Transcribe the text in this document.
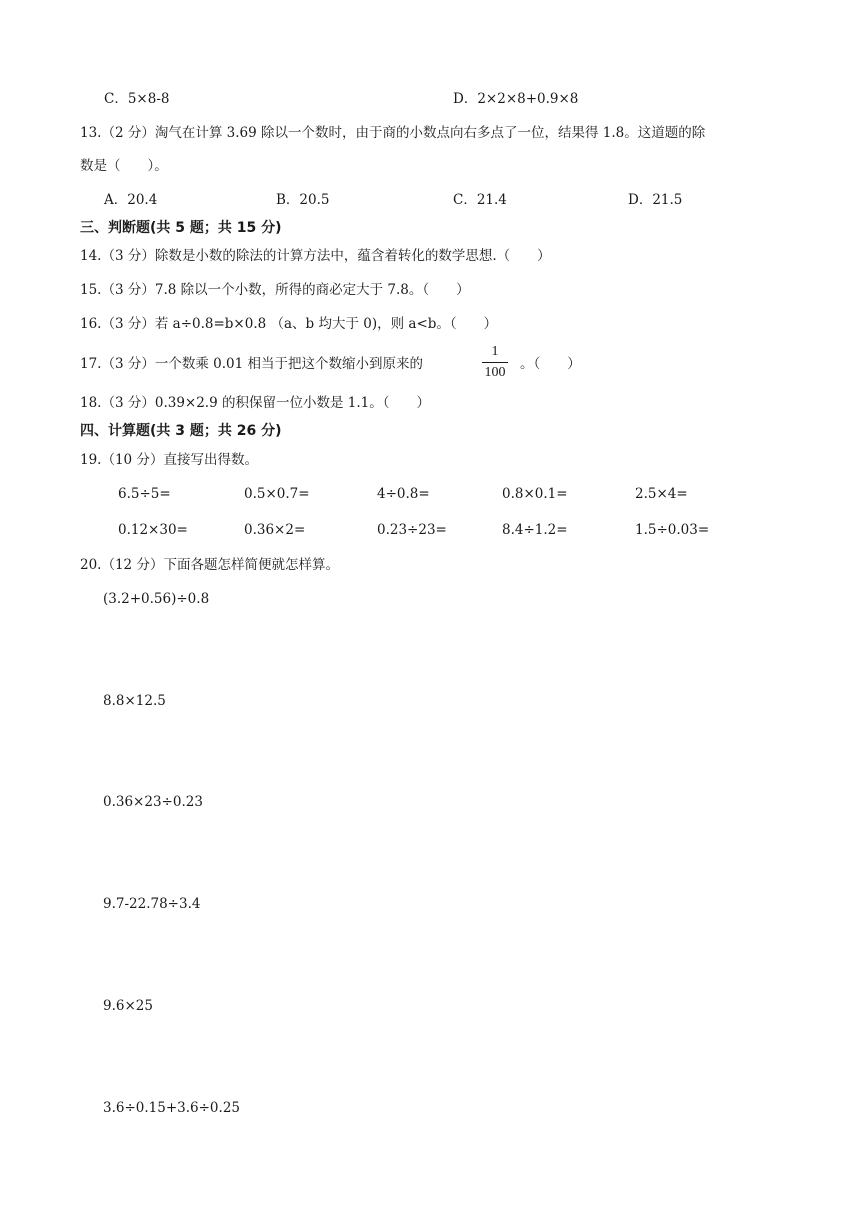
C．5×8-8	D．2×2×8+0.9×8
13.（2 分）淘气在计算 3.69 除以一个数时，由于商的小数点向右多点了一位，结果得 1.8。这道题的除
数是（　　）。
A．20.4	B．20.5	C．21.4	D．21.5
三、判断题(共 5 题；共 15 分)
14.（3 分）除数是小数的除法的计算方法中，蕴含着转化的数学思想.（　　）
15.（3 分）7.8 除以一个小数，所得的商必定大于 7.8。（　　）
16.（3 分）若 a÷0.8=b×0.8 （a、b 均大于 0)，则 a<b。（　　）
17.（3 分）一个数乘 0.01 相当于把这个数缩小到原来的
1
100
。（　　）
18.（3 分）0.39×2.9 的积保留一位小数是 1.1。（　　）
四、计算题(共 3 题；共 26 分)
19.（10 分）直接写出得数。
6.5÷5=	0.5×0.7=	4÷0.8=	0.8×0.1=	2.5×4=
0.12×30=	0.36×2=	0.23÷23=	8.4÷1.2=	1.5÷0.03=
20.（12 分）下面各题怎样简便就怎样算。
(3.2+0.56)÷0.8
8.8×12.5
0.36×23÷0.23
9.7-22.78÷3.4
9.6×25
3.6÷0.15+3.6÷0.25
